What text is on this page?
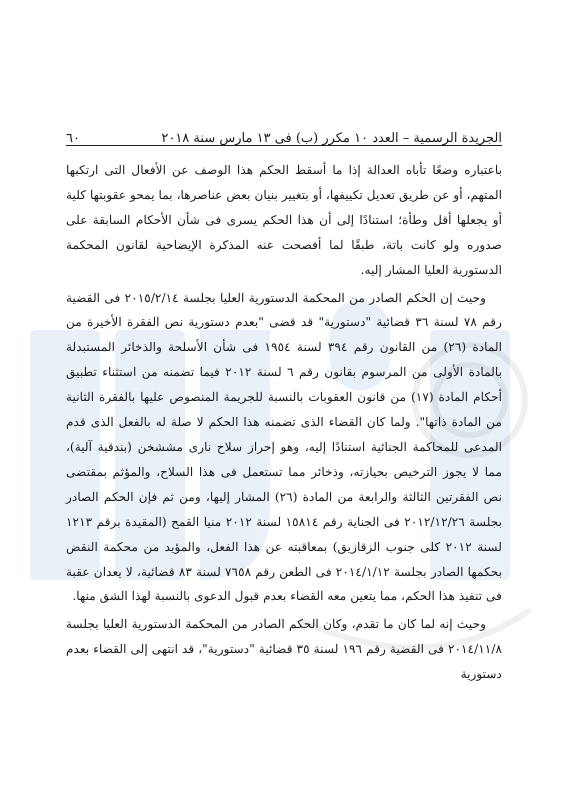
الجريدة الرسمية – العدد ١٠ مكرر (ب) فى ١٣ مارس سنة ٢٠١٨
٦٠

باعتباره وضعًا تأباه العدالة إذا ما أسقط الحكم هذا الوصف عن الأفعال التى ارتكبها المتهم، أو عن طريق تعديل تكييفها، أو بتغيير بنيان بعض عناصرها، بما يمحو عقوبتها كلية أو يجعلها أقل وطأة؛ استنادًا إلى أن هذا الحكم يسرى فى شأن الأحكام السابقة على صدوره ولو كانت باتة، طبقًا لما أفصحت عنه المذكرة الإيضاحية لقانون المحكمة الدستورية العليا المشار إليه.

وحيث إن الحكم الصادر من المحكمة الدستورية العليا بجلسة ٢٠١٥/٢/١٤ فى القضية رقم ٧٨ لسنة ٣٦ قضائية "دستورية" قد قضى "بعدم دستورية نص الفقرة الأخيرة من المادة (٢٦) من القانون رقم ٣٩٤ لسنة ١٩٥٤ فى شأن الأسلحة والذخائر المستبدلة بالمادة الأولى من المرسوم بقانون رقم ٦ لسنة ٢٠١٢ فيما تضمنه من استثناء تطبيق أحكام المادة (١٧) من قانون العقوبات بالنسبة للجريمة المنصوص عليها بالفقرة الثانية من المادة ذاتها". ولما كان القضاء الذى تضمنه هذا الحكم لا صلة له بالفعل الذى قدم المدعى للمحاكمة الجنائية استنادًا إليه، وهو إحراز سلاح نارى مششخن (بندقية آلية)، مما لا يجوز الترخيص بحيازته، وذخائر مما تستعمل فى هذا السلاح، والمؤثم بمقتضى نص الفقرتين الثالثة والرابعة من المادة (٢٦) المشار إليها، ومن ثم فإن الحكم الصادر بجلسة ٢٠١٢/١٢/٢٦ فى الجناية رقم ١٥٨١٤ لسنة ٢٠١٢ منيا القمح (المقيدة برقم ١٢١٣ لسنة ٢٠١٢ كلى جنوب الزقازيق) بمعاقبته عن هذا الفعل، والمؤيد من محكمة النقض بحكمها الصادر بجلسة ٢٠١٤/١/١٢ فى الطعن رقم ٧٦٥٨ لسنة ٨٣ قضائية، لا يعدان عقبة فى تنفيذ هذا الحكم، مما يتعين معه القضاء بعدم قبول الدعوى بالنسبة لهذا الشق منها.

وحيث إنه لما كان ما تقدم، وكان الحكم الصادر من المحكمة الدستورية العليا بجلسة ٢٠١٤/١١/٨ فى القضية رقم ١٩٦ لسنة ٣٥ قضائية "دستورية"، قد انتهى إلى القضاء بعدم دستورية
